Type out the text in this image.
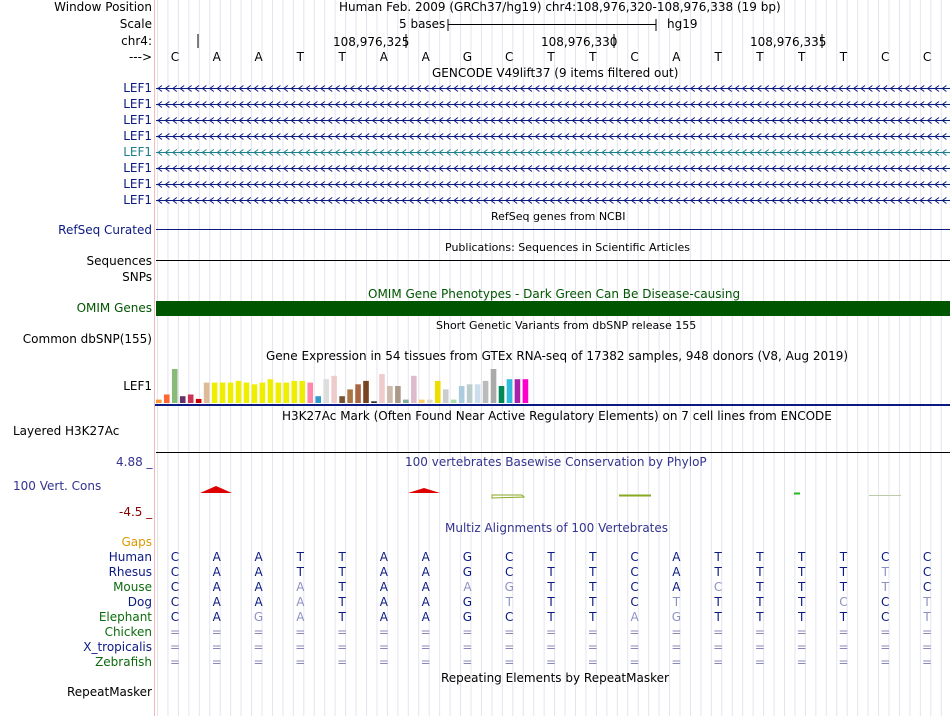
Window Position	Human Feb. 2009 (GRCh37/hg19) chr4:108,976,320-108,976,338 (19 bp)
Scale	5 bases	hg19
chr4:	108,976,325	108,976,330	108,976,335
--->	C	A	A	T	T	A	A	G	C	T	T	C	A	T	T	T	T	C	C
GENCODE V49lift37 (9 items filtered out)
LEF1
LEF1
LEF1
LEF1
LEF1
LEF1
LEF1
LEF1
RefSeq genes from NCBI
RefSeq Curated
Publications: Sequences in Scientific Articles
Sequences
SNPs
OMIM Gene Phenotypes - Dark Green Can Be Disease-causing
OMIM Genes
Short Genetic Variants from dbSNP release 155
Common dbSNP(155)
Gene Expression in 54 tissues from GTEx RNA-seq of 17382 samples, 948 donors (V8, Aug 2019)
LEF1
H3K27Ac Mark (Often Found Near Active Regulatory Elements) on 7 cell lines from ENCODE
Layered H3K27Ac
100 vertebrates Basewise Conservation by PhyloP
4.88 _
100 Vert. Cons
-4.5 _
Multiz Alignments of 100 Vertebrates
Gaps
Human	C	A	A	T	T	A	A	G	C	T	T	C	A	T	T	T	T	C	C
Rhesus	C	A	A	T	T	A	A	G	C	T	T	C	A	T	T	T	T	T	C
Mouse	C	A	A	A	T	A	A	A	G	T	T	C	A	C	T	T	T	T	C
Dog	C	A	A	A	T	A	A	G	T	T	T	C	T	T	T	T	C	C	T
Elephant	C	A	G	A	T	A	A	G	C	T	T	A	G	T	T	T	T	C	T
Chicken	=	=	=	=	=	=	=	=	=	=	=	=	=	=	=	=	=	=	=
X_tropicalis	=	=	=	=	=	=	=	=	=	=	=	=	=	=	=	=	=	=	=
Zebrafish	=	=	=	=	=	=	=	=	=	=	=	=	=	=	=	=	=	=	=
Repeating Elements by RepeatMasker
RepeatMasker
